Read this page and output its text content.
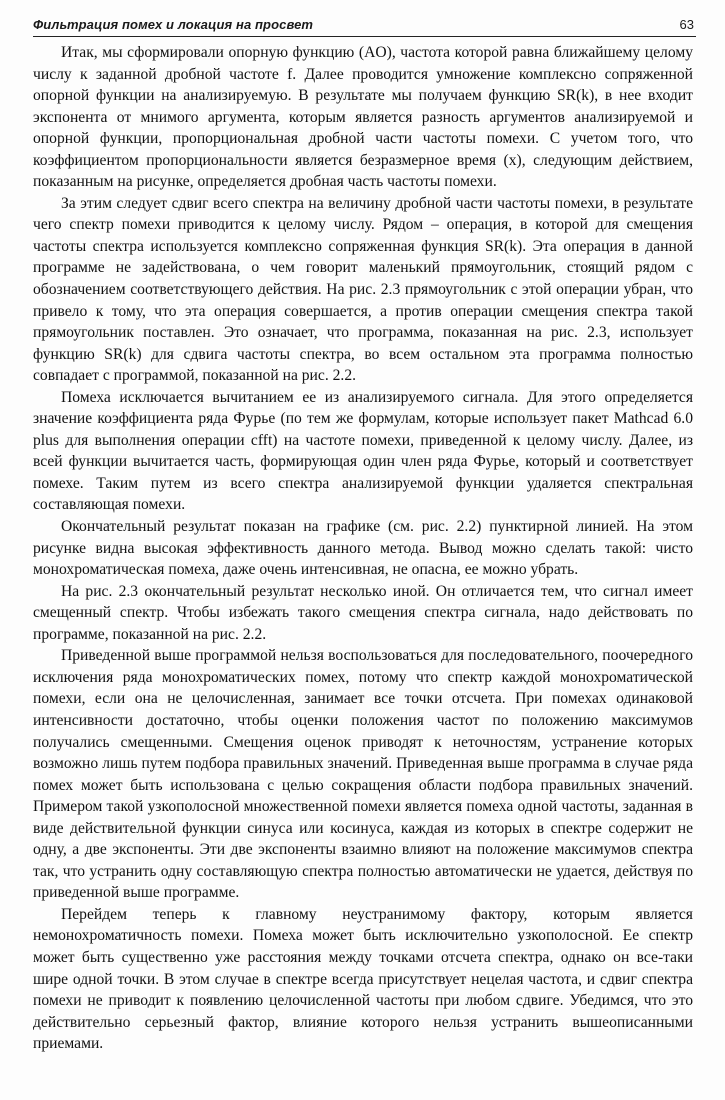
Фильтрация помех и локация на просвет	63

Итак, мы сформировали опорную функцию (AO), частота которой равна ближайшему целому числу к заданной дробной частоте f. Далее проводится умножение комплексно сопряженной опорной функции на анализируемую. В результате мы получаем функцию SR(k), в нее входит экспонента от мнимого аргумента, которым является разность аргументов анализируемой и опорной функции, пропорциональная дробной части частоты помехи. С учетом того, что коэффициентом пропорциональности является безразмерное время (x), следующим действием, показанным на рисунке, определяется дробная часть частоты помехи.

За этим следует сдвиг всего спектра на величину дробной части частоты помехи, в результате чего спектр помехи приводится к целому числу. Рядом – операция, в которой для смещения частоты спектра используется комплексно сопряженная функция SR(k). Эта операция в данной программе не задействована, о чем говорит маленький прямоугольник, стоящий рядом с обозначением соответствующего действия. На рис. 2.3 прямоугольник с этой операции убран, что привело к тому, что эта операция совершается, а против операции смещения спектра такой прямоугольник поставлен. Это означает, что программа, показанная на рис. 2.3, использует функцию SR(k) для сдвига частоты спектра, во всем остальном эта программа полностью совпадает с программой, показанной на рис. 2.2.

Помеха исключается вычитанием ее из анализируемого сигнала. Для этого определяется значение коэффициента ряда Фурье (по тем же формулам, которые использует пакет Mathcad 6.0 plus для выполнения операции cfft) на частоте помехи, приведенной к целому числу. Далее, из всей функции вычитается часть, формирующая один член ряда Фурье, который и соответствует помехе. Таким путем из всего спектра анализируемой функции удаляется спектральная составляющая помехи.

Окончательный результат показан на графике (см. рис. 2.2) пунктирной линией. На этом рисунке видна высокая эффективность данного метода. Вывод можно сделать такой: чисто монохроматическая помеха, даже очень интенсивная, не опасна, ее можно убрать.

На рис. 2.3 окончательный результат несколько иной. Он отличается тем, что сигнал имеет смещенный спектр. Чтобы избежать такого смещения спектра сигнала, надо действовать по программе, показанной на рис. 2.2.

Приведенной выше программой нельзя воспользоваться для последовательного, поочередного исключения ряда монохроматических помех, потому что спектр каждой монохроматической помехи, если она не целочисленная, занимает все точки отсчета. При помехах одинаковой интенсивности достаточно, чтобы оценки положения частот по положению максимумов получались смещенными. Смещения оценок приводят к неточностям, устранение которых возможно лишь путем подбора правильных значений. Приведенная выше программа в случае ряда помех может быть использована с целью сокращения области подбора правильных значений. Примером такой узкополосной множественной помехи является помеха одной частоты, заданная в виде действительной функции синуса или косинуса, каждая из которых в спектре содержит не одну, а две экспоненты. Эти две экспоненты взаимно влияют на положение максимумов спектра так, что устранить одну составляющую спектра полностью автоматически не удается, действуя по приведенной выше программе.

Перейдем теперь к главному неустранимому фактору, которым является немонохроматичность помехи. Помеха может быть исключительно узкополосной. Ее спектр может быть существенно уже расстояния между точками отсчета спектра, однако он все-таки шире одной точки. В этом случае в спектре всегда присутствует нецелая частота, и сдвиг спектра помехи не приводит к появлению целочисленной частоты при любом сдвиге. Убедимся, что это действительно серьезный фактор, влияние которого нельзя устранить вышеописанными приемами.
